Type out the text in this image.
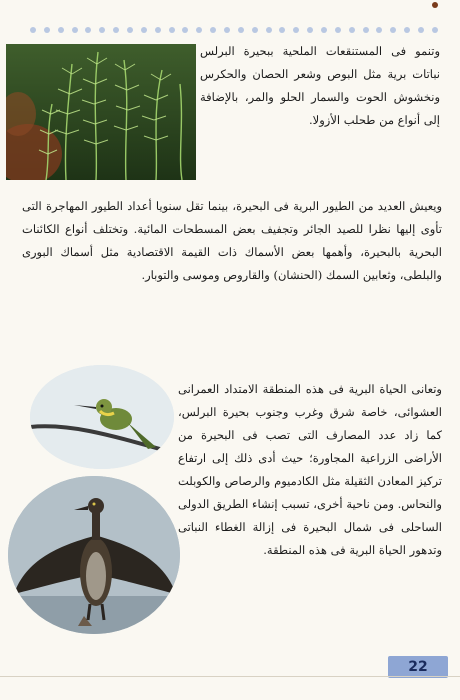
وتنمو فى المستنقعات الملحية ببحيرة البرلس نباتات برية مثل البوص وشعر الحصان والحكرس ونخشوش الحوت والسمار الحلو والمر، بالإضافة إلى أنواع من طحلب الأزولا.

ويعيش العديد من الطيور البرية فى البحيرة، بينما تقل سنويا أعداد الطيور المهاجرة التى تأوى إليها نظرا للصيد الجائر وتجفيف بعض المسطحات المائية. وتختلف أنواع الكائنات البحرية بالبحيرة، وأهمها بعض الأسماك ذات القيمة الاقتصادية مثل أسماك البورى والبلطى، وثعابين السمك (الحنشان) والقاروص وموسى والتوبار.

وتعانى الحياة البرية فى هذه المنطقة الامتداد العمرانى العشوائى، خاصة شرق وغرب وجنوب بحيرة البرلس، كما زاد عدد المصارف التى تصب فى البحيرة من الأراضى الزراعية المجاورة؛ حيث أدى ذلك إلى ارتفاع تركيز المعادن الثقيلة مثل الكادميوم والرصاص والكوبلت والنحاس. ومن ناحية أخرى، تسبب إنشاء الطريق الدولى الساحلى فى شمال البحيرة فى إزالة الغطاء النباتى وتدهور الحياة البرية فى هذه المنطقة.

22
